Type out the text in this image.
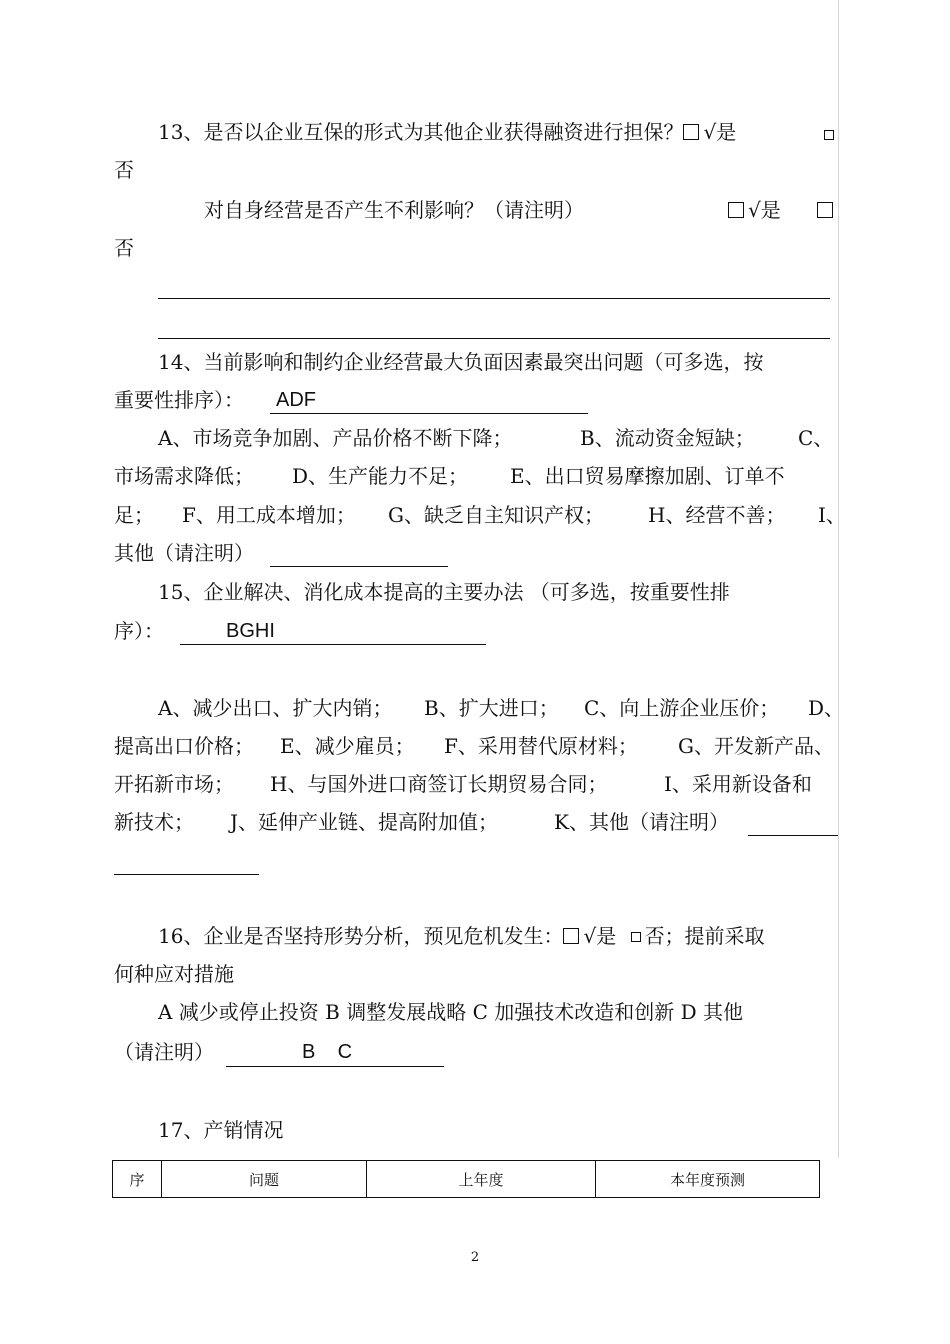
13、是否以企业互保的形式为其他企业获得融资进行担保？ √是
否
对自身经营是否产生不利影响？（请注明）	√是
否
14、当前影响和制约企业经营最大负面因素最突出问题（可多选，按
重要性排序）： ADF
A、市场竞争加剧、产品价格不断下降；	B、流动资金短缺； C、
市场需求降低； D、生产能力不足； E、出口贸易摩擦加剧、订单不
足； F、用工成本增加； G、缺乏自主知识产权； H、经营不善； I、
其他（请注明）
15、企业解决、消化成本提高的主要办法 （可多选，按重要性排
序）：	BGHI
A、减少出口、扩大内销； B、扩大进口； C、向上游企业压价； D、
提高出口价格； E、减少雇员； F、采用替代原材料； G、开发新产品、
开拓新市场； H、与国外进口商签订长期贸易合同；	I、采用新设备和
新技术； J、延伸产业链、提高附加值；	K、其他（请注明）
16、企业是否坚持形势分析，预见危机发生： √是 否；提前采取
何种应对措施
A 减少或停止投资 B 调整发展战略 C 加强技术改造和创新 D 其他
（请注明）	B    C
17、产销情况
序	问题	上年度	本年度预测
2
